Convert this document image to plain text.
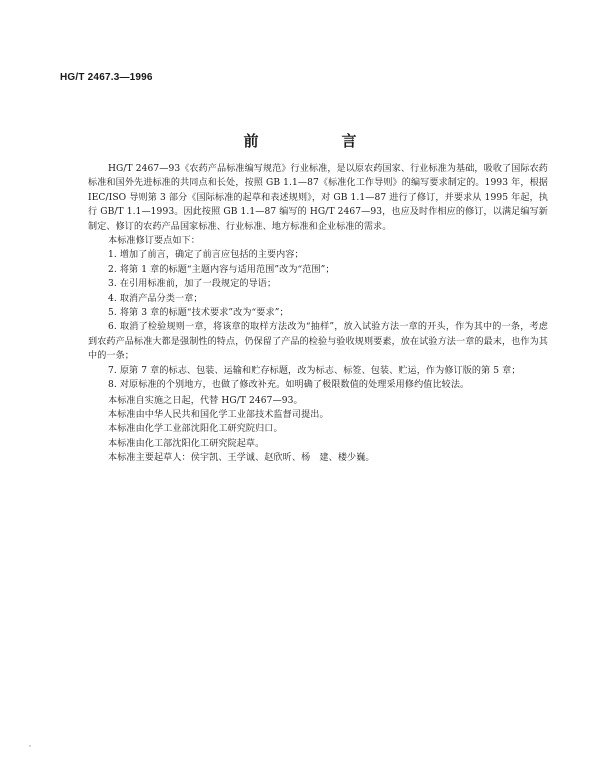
HG/T 2467.3—1996
前　言

HG/T 2467—93《农药产品标准编写规范》行业标准，是以原农药国家、行业标准为基础，吸收了国际农药标准和国外先进标准的共同点和长处，按照 GB 1.1—87《标准化工作导则》的编写要求制定的。1993 年，根据 IEC/ISO 导则第 3 部分《国际标准的起草和表述规则》，对 GB 1.1—87 进行了修订，并要求从 1995 年起，执行 GB/T 1.1—1993。因此按照 GB 1.1—87 编写的 HG/T 2467—93，也应及时作相应的修订，以满足编写新制定、修订的农药产品国家标准、行业标准、地方标准和企业标准的需求。

本标准修订要点如下：

1. 增加了前言，确定了前言应包括的主要内容；

2. 将第 1 章的标题“主题内容与适用范围”改为“范围”；

3. 在引用标准前，加了一段规定的导语；

4. 取消产品分类一章；

5. 将第 3 章的标题“技术要求”改为“要求”；

6. 取消了检验规则一章，将该章的取样方法改为“抽样”，放入试验方法一章的开头，作为其中的一条，考虑到农药产品标准大都是强制性的特点，仍保留了产品的检验与验收规则要素，放在试验方法一章的最末，也作为其中的一条；

7. 原第 7 章的标志、包装、运输和贮存标题，改为标志、标签、包装、贮运，作为修订版的第 5 章；

8. 对原标准的个别地方，也做了修改补充。如明确了极限数值的处理采用修约值比较法。

本标准自实施之日起，代替 HG/T 2467—93。

本标准由中华人民共和国化学工业部技术监督司提出。

本标准由化学工业部沈阳化工研究院归口。

本标准由化工部沈阳化工研究院起草。

本标准主要起草人：侯宇凯、王学诚、赵欣昕、杨　建、楼少巍。
